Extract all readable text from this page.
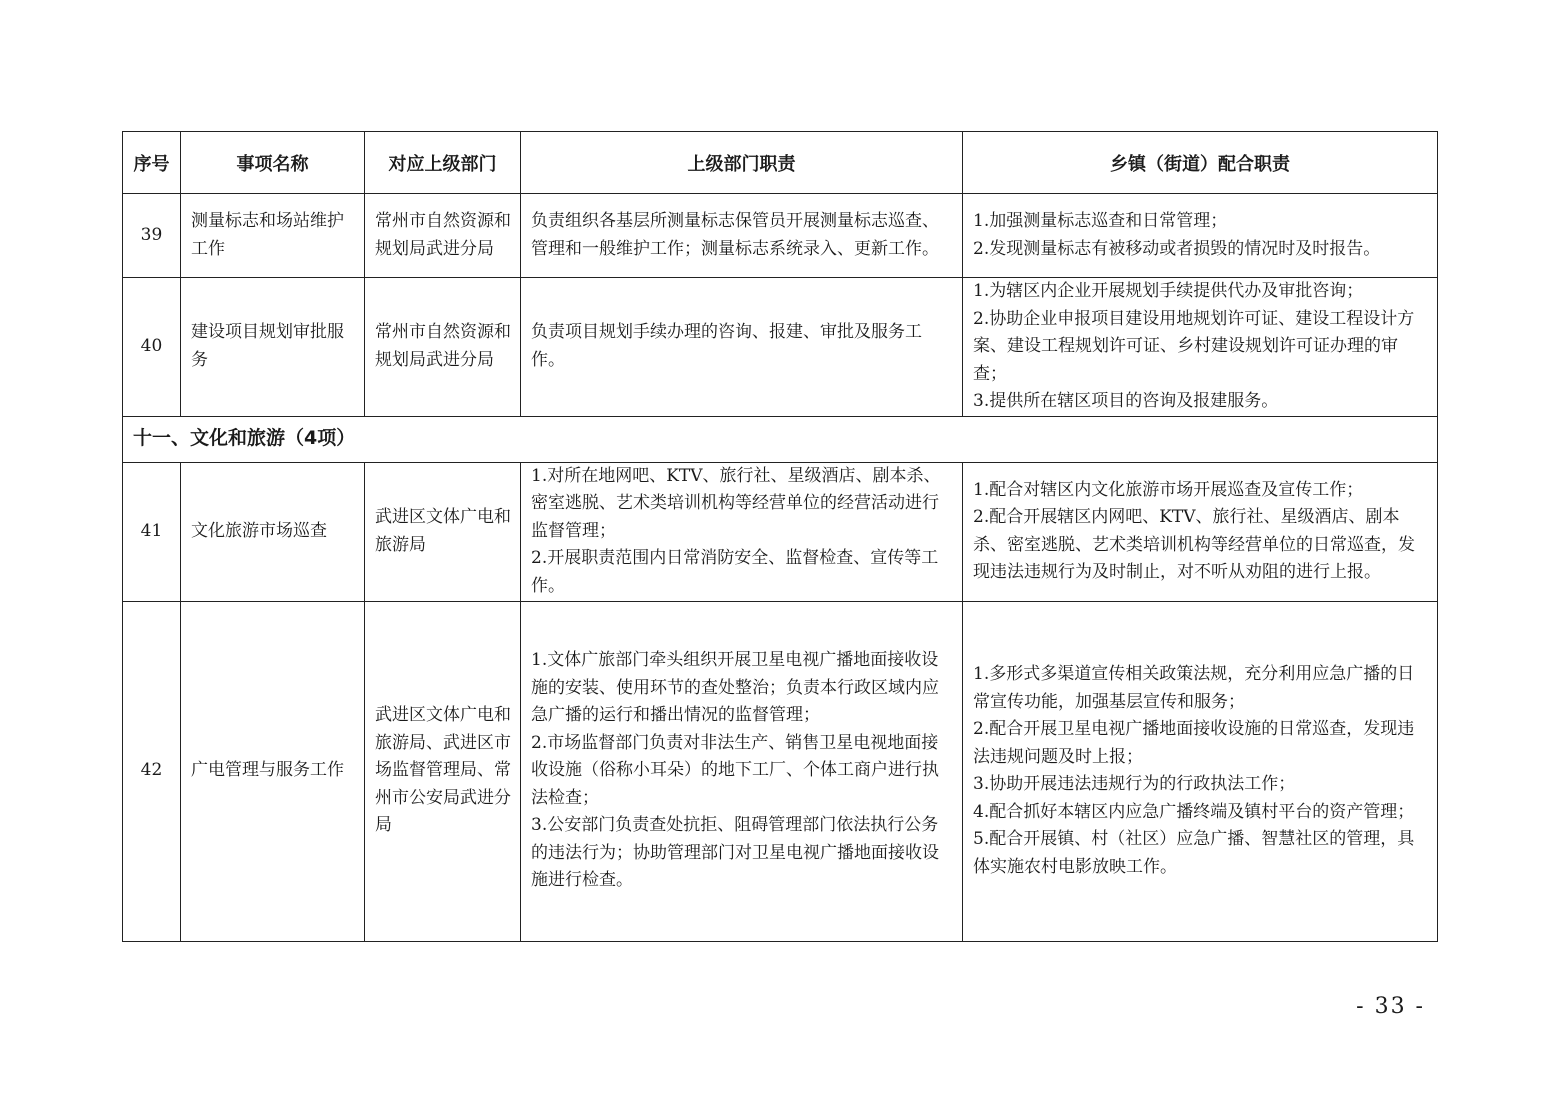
序号	事项名称	对应上级部门	上级部门职责	乡镇（街道）配合职责
39	测量标志和场站维护工作	常州市自然资源和规划局武进分局	负责组织各基层所测量标志保管员开展测量标志巡查、管理和一般维护工作；测量标志系统录入、更新工作。	1.加强测量标志巡查和日常管理；
2.发现测量标志有被移动或者损毁的情况时及时报告。

40	建设项目规划审批服务	常州市自然资源和规划局武进分局	负责项目规划手续办理的咨询、报建、审批及服务工作。	1.为辖区内企业开展规划手续提供代办及审批咨询；
2.协助企业申报项目建设用地规划许可证、建设工程设计方案、建设工程规划许可证、乡村建设规划许可证办理的审查；
3.提供所在辖区项目的咨询及报建服务。

十一、文化和旅游（4项）				
41	文化旅游市场巡查	武进区文体广电和旅游局	1.对所在地网吧、KTV、旅行社、星级酒店、剧本杀、密室逃脱、艺术类培训机构等经营单位的经营活动进行监督管理；
2.开展职责范围内日常消防安全、监督检查、宣传等工作。	1.配合对辖区内文化旅游市场开展巡查及宣传工作；
2.配合开展辖区内网吧、KTV、旅行社、星级酒店、剧本杀、密室逃脱、艺术类培训机构等经营单位的日常巡查，发现违法违规行为及时制止，对不听从劝阻的进行上报。

42	广电管理与服务工作	武进区文体广电和旅游局、武进区市场监督管理局、常州市公安局武进分局	1.文体广旅部门牵头组织开展卫星电视广播地面接收设施的安装、使用环节的查处整治；负责本行政区域内应急广播的运行和播出情况的监督管理；
2.市场监督部门负责对非法生产、销售卫星电视地面接收设施（俗称小耳朵）的地下工厂、个体工商户进行执法检查；
3.公安部门负责查处抗拒、阻碍管理部门依法执行公务的违法行为；协助管理部门对卫星电视广播地面接收设施进行检查。	1.多形式多渠道宣传相关政策法规，充分利用应急广播的日常宣传功能，加强基层宣传和服务；
2.配合开展卫星电视广播地面接收设施的日常巡查，发现违法违规问题及时上报；
3.协助开展违法违规行为的行政执法工作；
4.配合抓好本辖区内应急广播终端及镇村平台的资产管理；
5.配合开展镇、村（社区）应急广播、智慧社区的管理，具体实施农村电影放映工作。
- 33 -
